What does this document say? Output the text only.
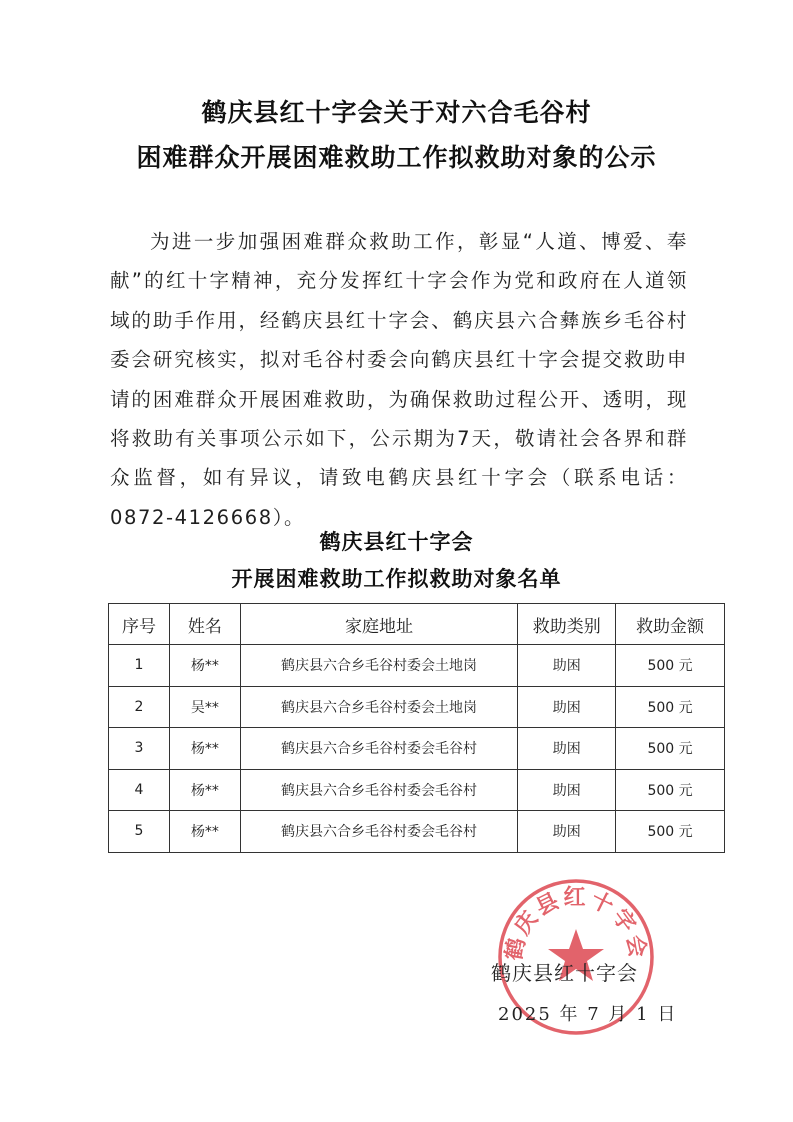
鹤庆县红十字会关于对六合毛谷村
困难群众开展困难救助工作拟救助对象的公示

为进一步加强困难群众救助工作，彰显“人道、博爱、奉献”的红十字精神，充分发挥红十字会作为党和政府在人道领域的助手作用，经鹤庆县红十字会、鹤庆县六合彝族乡毛谷村委会研究核实，拟对毛谷村委会向鹤庆县红十字会提交救助申请的困难群众开展困难救助，为确保救助过程公开、透明，现将救助有关事项公示如下，公示期为7天，敬请社会各界和群众监督，如有异议，请致电鹤庆县红十字会（联系电话：0872-4126668）。

鹤庆县红十字会
开展困难救助工作拟救助对象名单
序号	姓名	家庭地址	救助类别	救助金额
1	杨**	鹤庆县六合乡毛谷村委会土地岗	助困	500 元
2	吴**	鹤庆县六合乡毛谷村委会土地岗	助困	500 元
3	杨**	鹤庆县六合乡毛谷村委会毛谷村	助困	500 元
4	杨**	鹤庆县六合乡毛谷村委会毛谷村	助困	500 元
5	杨**	鹤庆县六合乡毛谷村委会毛谷村	助困	500 元
鹤庆县红十字会
鹤庆县红十字会
2025 年 7 月 1 日
